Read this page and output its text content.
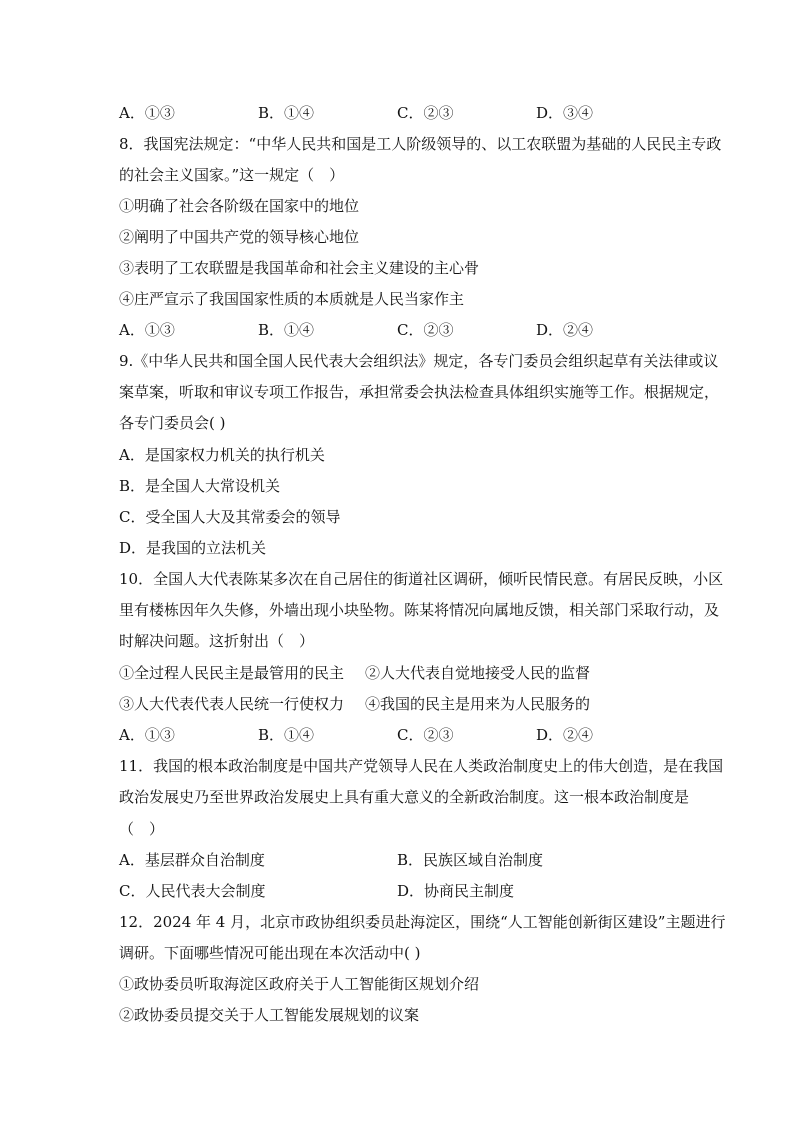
A．①③	B．①④	C．②③	D．③④
8．我国宪法规定：“中华人民共和国是工人阶级领导的、以工农联盟为基础的人民民主专政
的社会主义国家。”这一规定（　）
①明确了社会各阶级在国家中的地位
②阐明了中国共产党的领导核心地位
③表明了工农联盟是我国革命和社会主义建设的主心骨
④庄严宣示了我国国家性质的本质就是人民当家作主
A．①③	B．①④	C．②③	D．②④
9.《中华人民共和国全国人民代表大会组织法》规定，各专门委员会组织起草有关法律或议
案草案，听取和审议专项工作报告，承担常委会执法检查具体组织实施等工作。根据规定，
各专门委员会( )
A．是国家权力机关的执行机关
B．是全国人大常设机关
C．受全国人大及其常委会的领导
D．是我国的立法机关
10．全国人大代表陈某多次在自己居住的街道社区调研，倾听民情民意。有居民反映，小区
里有楼栋因年久失修，外墙出现小块坠物。陈某将情况向属地反馈，相关部门采取行动，及
时解决问题。这折射出（　）
①全过程人民民主是最管用的民主 ②人大代表自觉地接受人民的监督
③人大代表代表人民统一行使权力 ④我国的民主是用来为人民服务的
A．①③	B．①④	C．②③	D．②④
11．我国的根本政治制度是中国共产党领导人民在人类政治制度史上的伟大创造，是在我国
政治发展史乃至世界政治发展史上具有重大意义的全新政治制度。这一根本政治制度是
（　）
A．基层群众自治制度	B．民族区域自治制度
C．人民代表大会制度	D．协商民主制度
12．2024 年 4 月，北京市政协组织委员赴海淀区，围绕“人工智能创新街区建设”主题进行
调研。下面哪些情况可能出现在本次活动中( )
①政协委员听取海淀区政府关于人工智能街区规划介绍
②政协委员提交关于人工智能发展规划的议案
